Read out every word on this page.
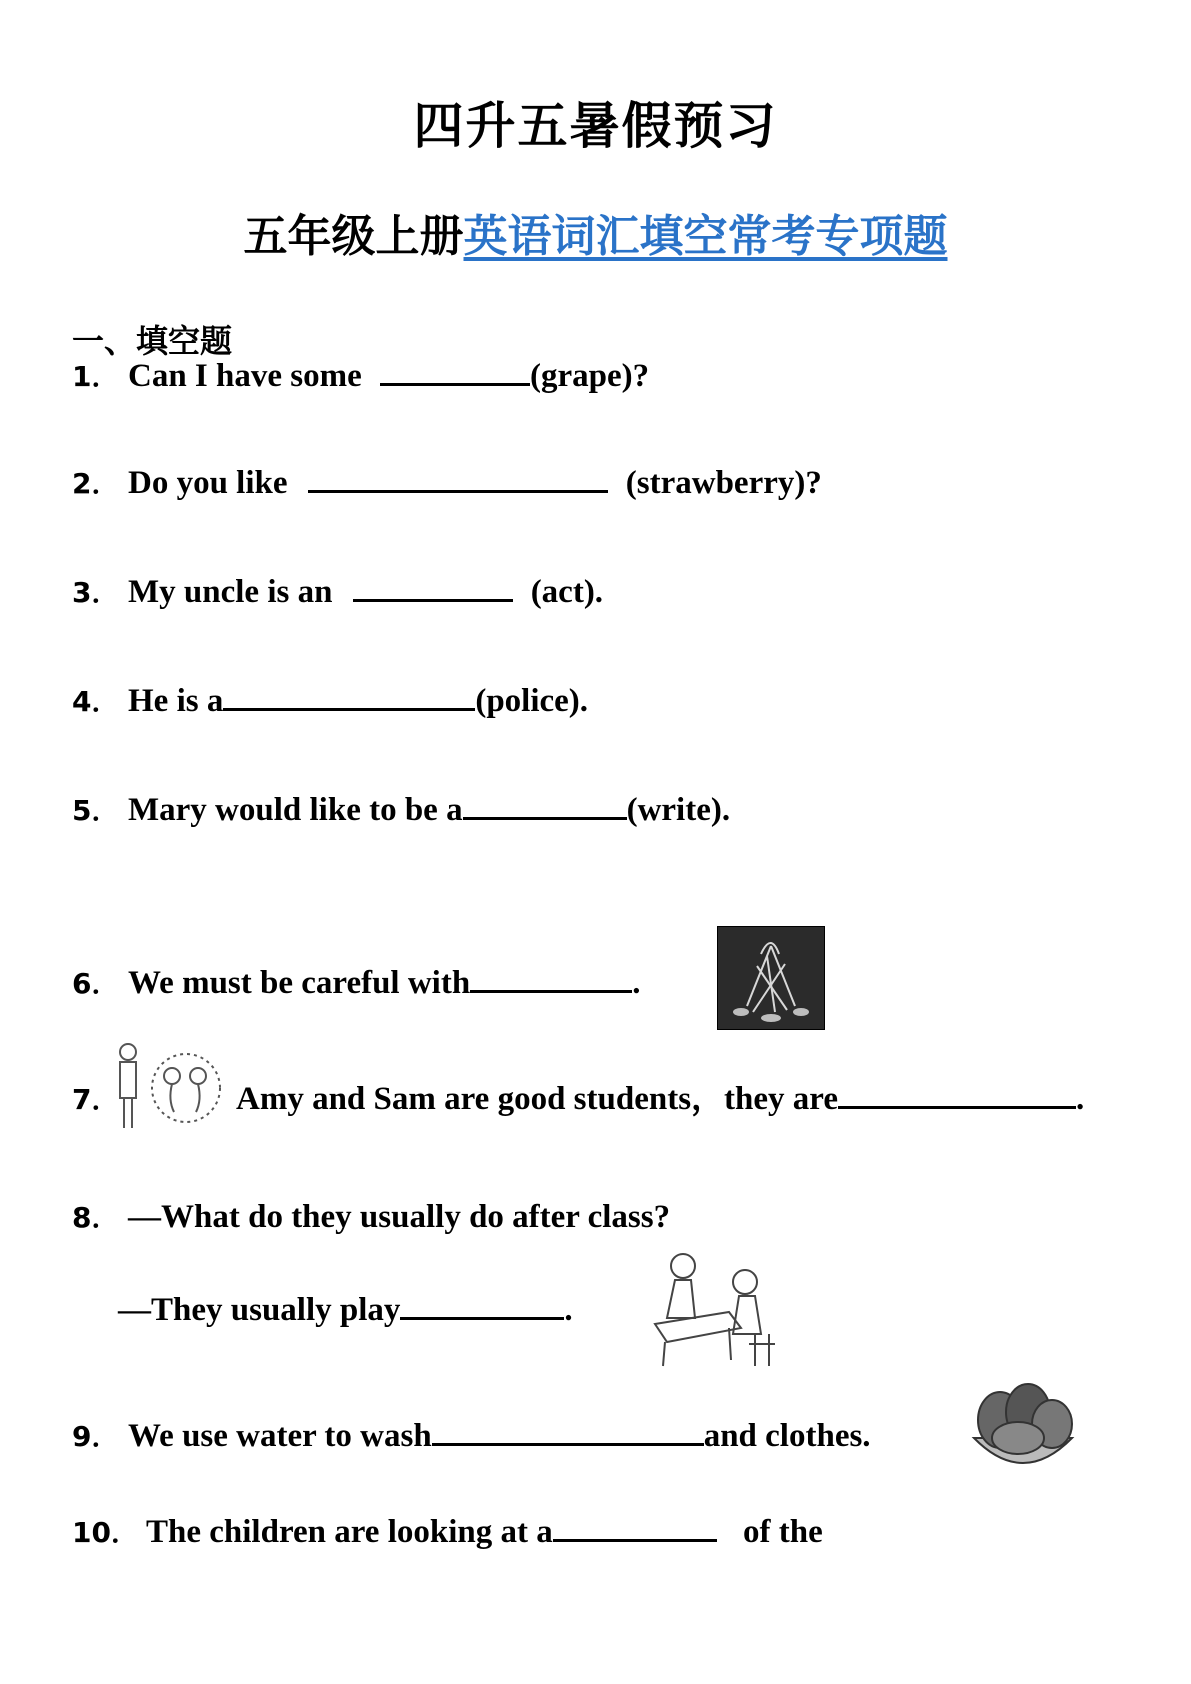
四升五暑假预习
五年级上册英语词汇填空常考专项题
一、填空题
1． Can I have some	(grape)?
2． Do you like	(strawberry)?
3． My uncle is an	(act).
4． He is a	(police).
5． Mary would like to be a	(write).
6． We must be careful with	.
7．	Amy and Sam are good students，they are	.
8． —What do they usually do after class?
—They usually play	.
9． We use water to wash	and clothes.
10． The children are looking at a	of the
